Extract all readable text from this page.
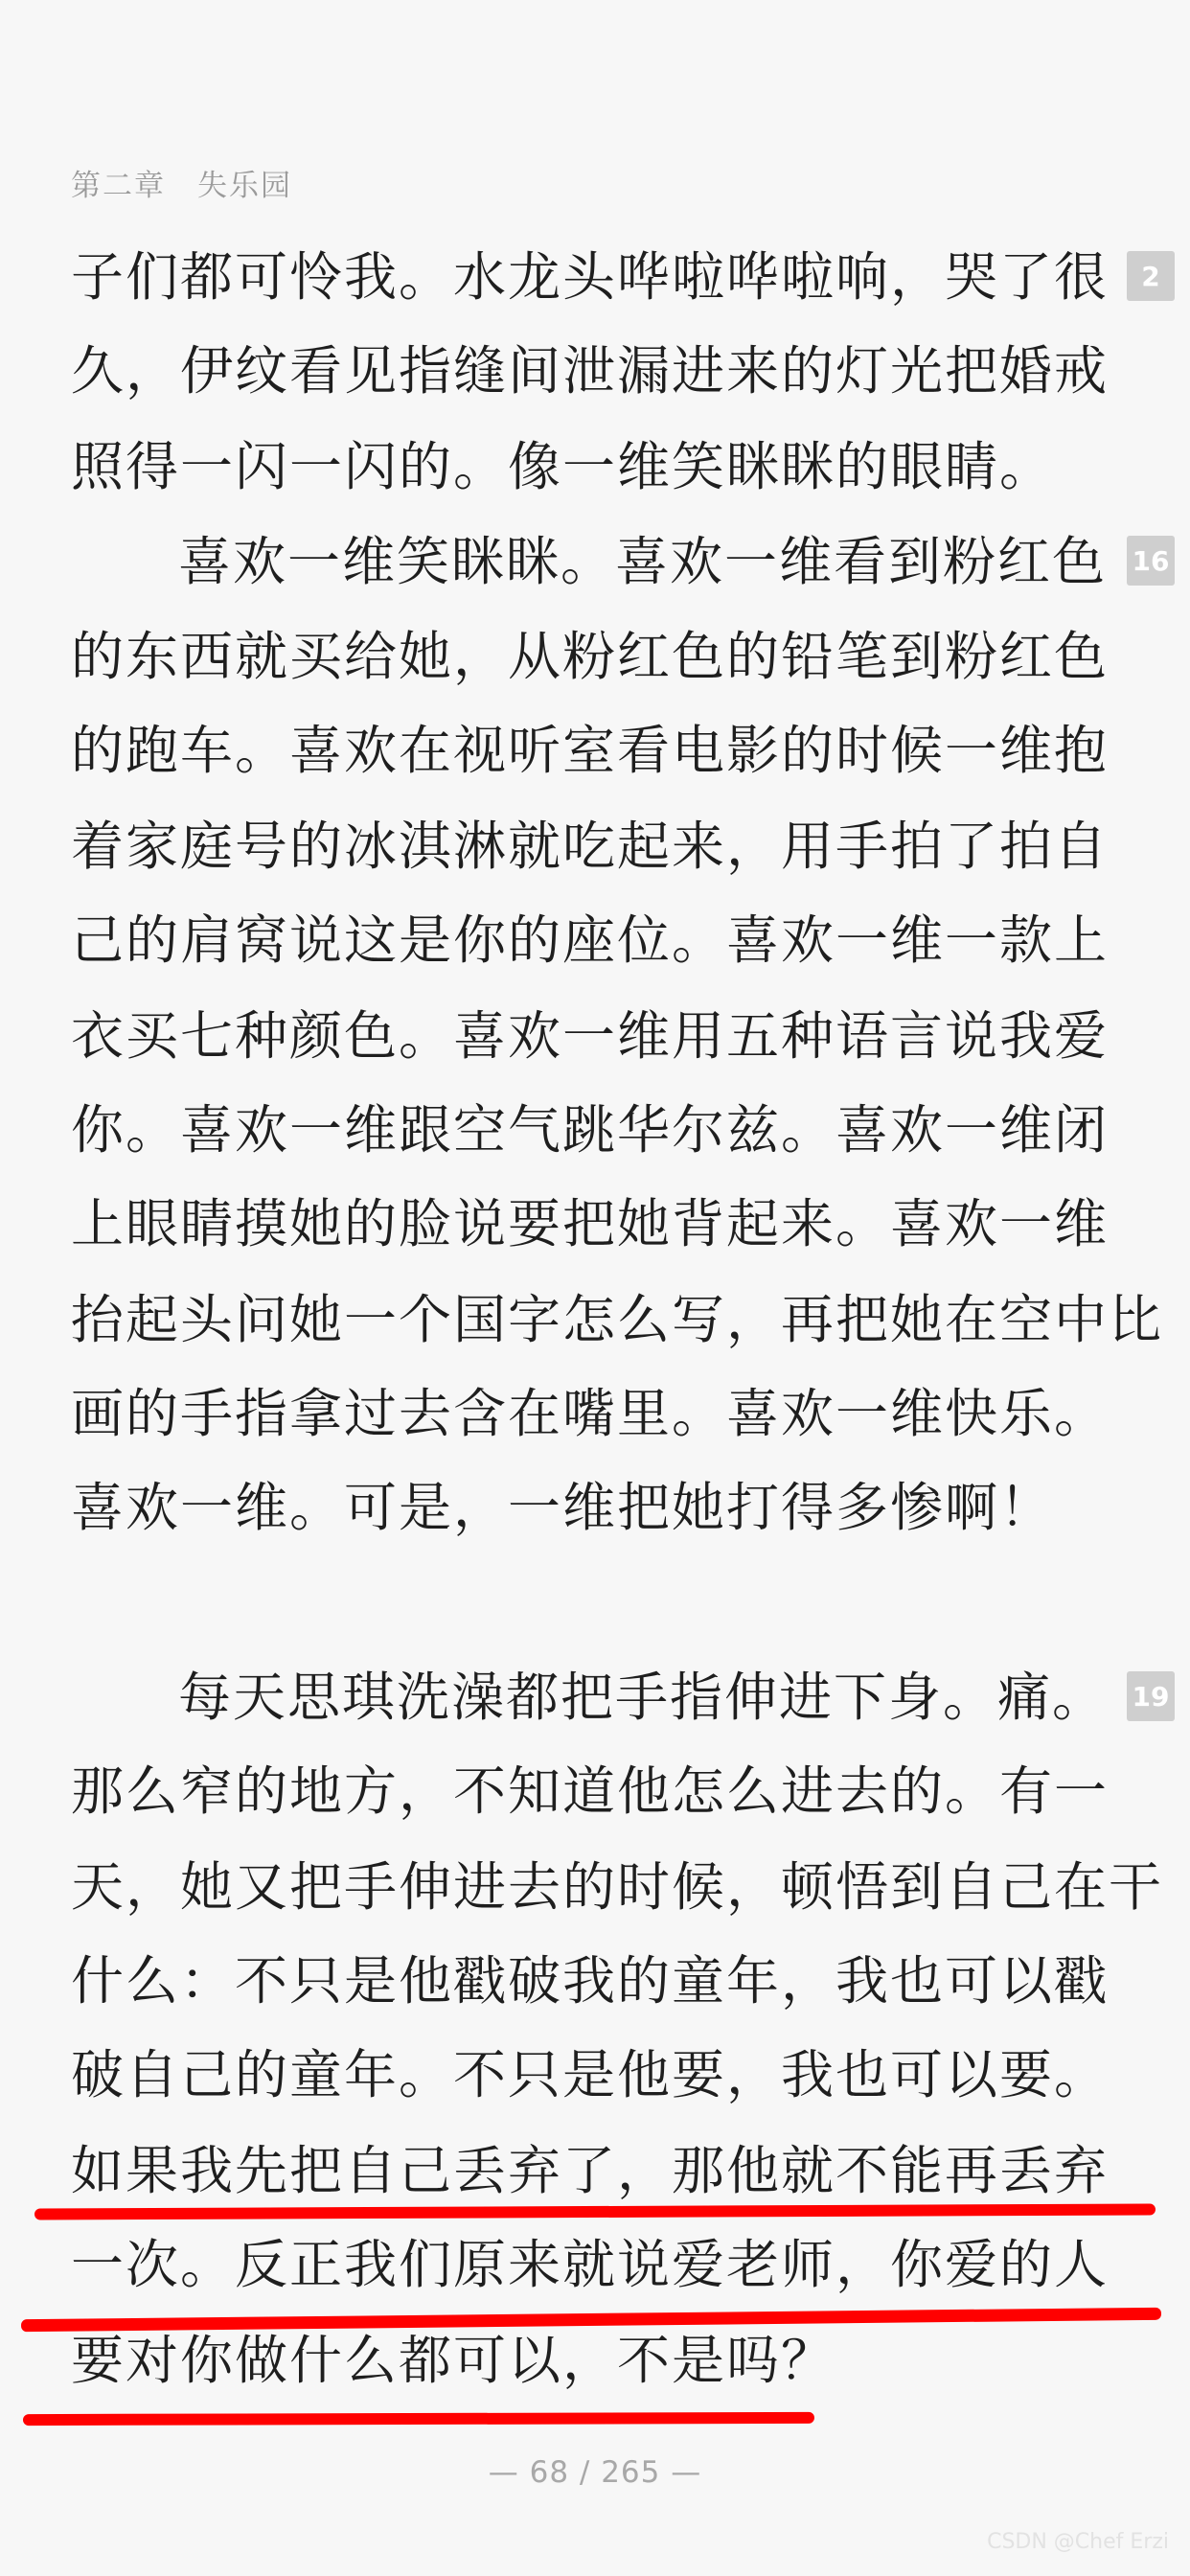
第二章　失乐园
子们都可怜我。水龙头哗啦哗啦响，哭了很	2
久，伊纹看见指缝间泄漏进来的灯光把婚戒
照得一闪一闪的。像一维笑眯眯的眼睛。
喜欢一维笑眯眯。喜欢一维看到粉红色 16
的东西就买给她，从粉红色的铅笔到粉红色
的跑车。喜欢在视听室看电影的时候一维抱
着家庭号的冰淇淋就吃起来，用手拍了拍自
己的肩窝说这是你的座位。喜欢一维一款上
衣买七种颜色。喜欢一维用五种语言说我爱
你。喜欢一维跟空气跳华尔兹。喜欢一维闭
上眼睛摸她的脸说要把她背起来。喜欢一维
抬起头问她一个国字怎么写，再把她在空中比
画的手指拿过去含在嘴里。喜欢一维快乐。
喜欢一维。可是，一维把她打得多惨啊！
每天思琪洗澡都把手指伸进下身。痛。 19
那么窄的地方，不知道他怎么进去的。有一
天，她又把手伸进去的时候，顿悟到自己在干
什么：不只是他戳破我的童年，我也可以戳
破自己的童年。不只是他要，我也可以要。
如果我先把自己丢弃了，那他就不能再丢弃
一次。反正我们原来就说爱老师，你爱的人
要对你做什么都可以，不是吗？
— 68 / 265 —
CSDN @Chef Erzi
